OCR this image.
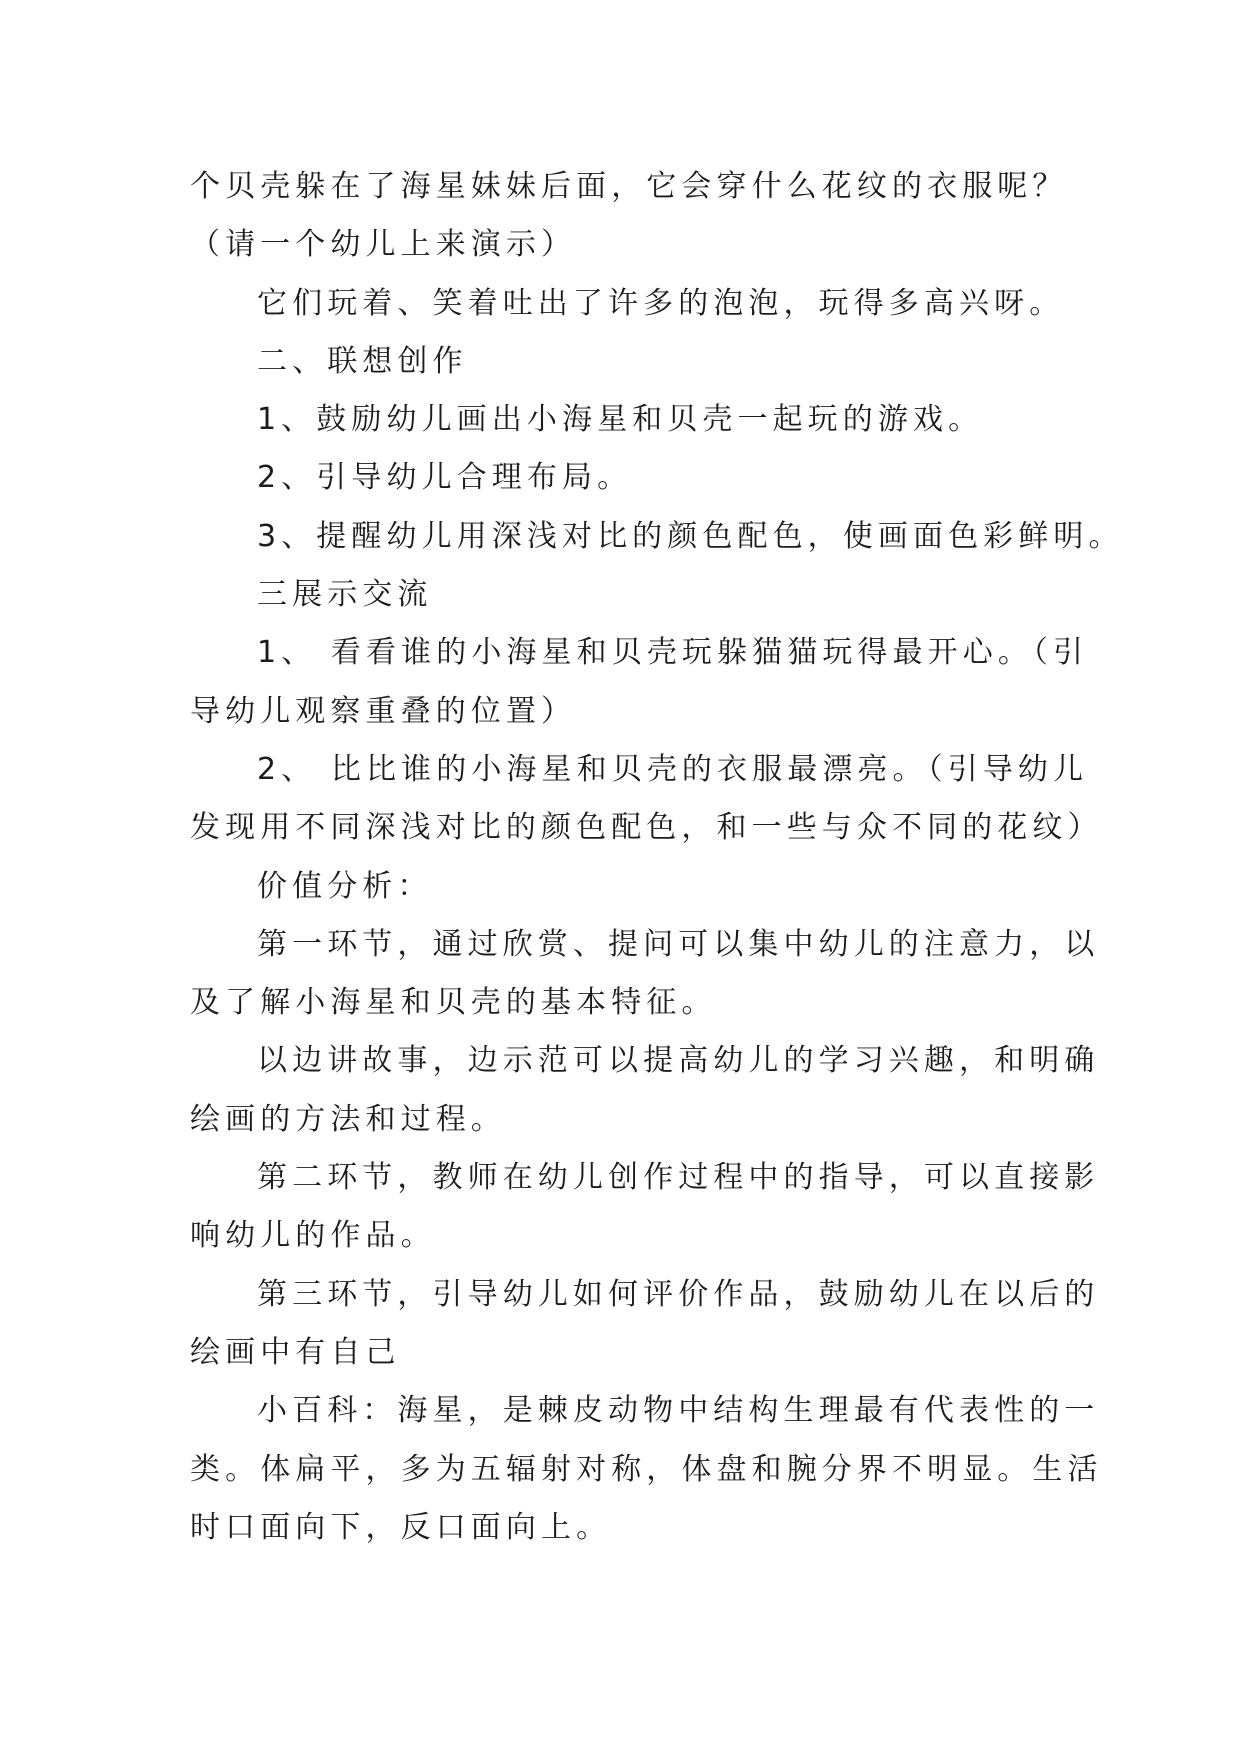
个贝壳躲在了海星妹妹后面，它会穿什么花纹的衣服呢？
（请一个幼儿上来演示）
它们玩着、笑着吐出了许多的泡泡，玩得多高兴呀。
二、联想创作
1、鼓励幼儿画出小海星和贝壳一起玩的游戏。
2、引导幼儿合理布局。
3、提醒幼儿用深浅对比的颜色配色，使画面色彩鲜明。
三展示交流
1、 看看谁的小海星和贝壳玩躲猫猫玩得最开心。（引
导幼儿观察重叠的位置）
2、 比比谁的小海星和贝壳的衣服最漂亮。（引导幼儿
发现用不同深浅对比的颜色配色，和一些与众不同的花纹）
价值分析：
第一环节，通过欣赏、提问可以集中幼儿的注意力，以
及了解小海星和贝壳的基本特征。
以边讲故事，边示范可以提高幼儿的学习兴趣，和明确
绘画的方法和过程。
第二环节，教师在幼儿创作过程中的指导，可以直接影
响幼儿的作品。
第三环节，引导幼儿如何评价作品，鼓励幼儿在以后的
绘画中有自己
小百科：海星，是棘皮动物中结构生理最有代表性的一
类。体扁平，多为五辐射对称，体盘和腕分界不明显。生活
时口面向下，反口面向上。
